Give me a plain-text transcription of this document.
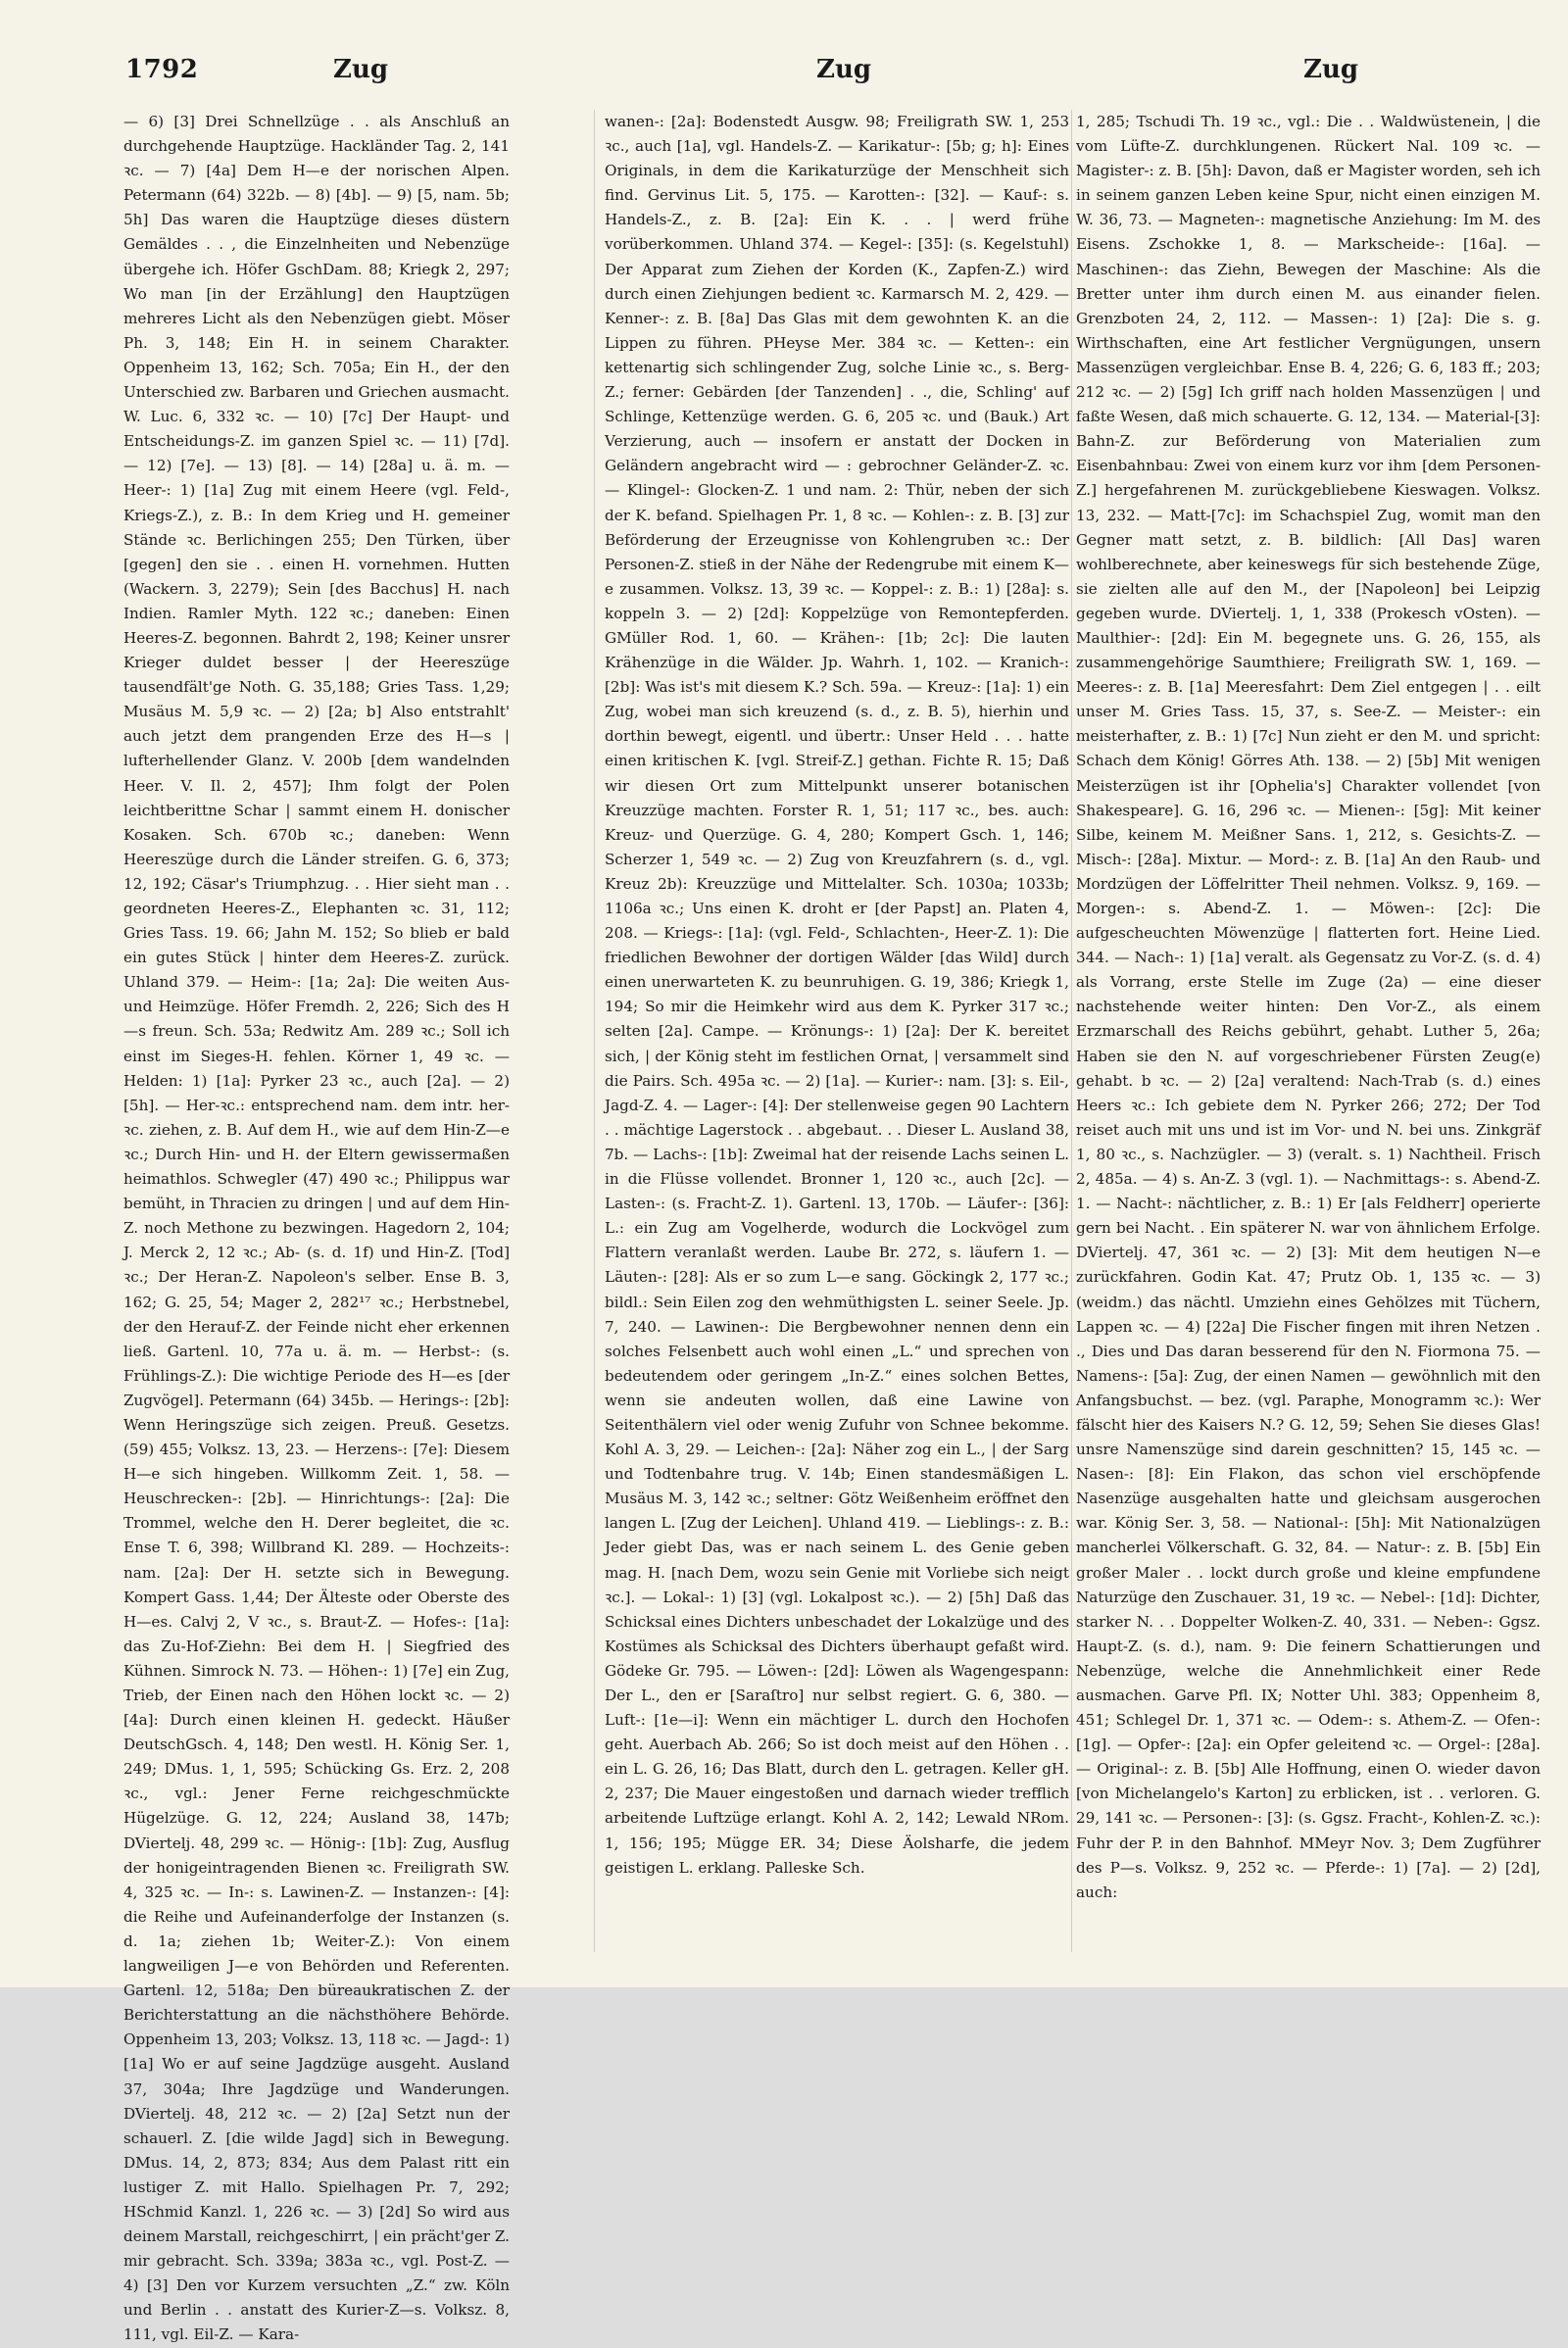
1792	Zug	Zug	Zug

— 6) [3] Drei Schnellzüge . . als Anschluß an durchgehende Hauptzüge. Hackländer Tag. 2, 141 ꝛc. — 7) [4a] Dem H—e der norischen Alpen. Petermann (64) 322b. — 8) [4b]. — 9) [5, nam. 5b; 5h] Das waren die Hauptzüge dieses düstern Gemäldes . . , die Einzelnheiten und Nebenzüge übergehe ich. Höfer GschDam. 88; Kriegk 2, 297; Wo man [in der Erzählung] den Hauptzügen mehreres Licht als den Nebenzügen giebt. Möser Ph. 3, 148; Ein H. in seinem Charakter. Oppenheim 13, 162; Sch. 705a; Ein H., der den Unterschied zw. Barbaren und Griechen ausmacht. W. Luc. 6, 332 ꝛc. — 10) [7c] Der Haupt- und Entscheidungs-Z. im ganzen Spiel ꝛc. — 11) [7d]. — 12) [7e]. — 13) [8]. — 14) [28a] u. ä. m. — Heer-: 1) [1a] Zug mit einem Heere (vgl. Feld-, Kriegs-Z.), z. B.: In dem Krieg und H. gemeiner Stände ꝛc. Berlichingen 255; Den Türken, über [gegen] den sie . . einen H. vornehmen. Hutten (Wackern. 3, 2279); Sein [des Bacchus] H. nach Indien. Ramler Myth. 122 ꝛc.; daneben: Einen Heeres-Z. begonnen. Bahrdt 2, 198; Keiner unsrer Krieger duldet besser | der Heereszüge tausendfält'ge Noth. G. 35,188; Gries Tass. 1,29; Musäus M. 5,9 ꝛc. — 2) [2a; b] Also entstrahlt' auch jetzt dem prangenden Erze des H—s | lufterhellender Glanz. V. 200b [dem wandelnden Heer. V. Il. 2, 457]; Ihm folgt der Polen leichtberittne Schar | sammt einem H. donischer Kosaken. Sch. 670b ꝛc.; daneben: Wenn Heereszüge durch die Länder streifen. G. 6, 373; 12, 192; Cäsar's Triumphzug. . . Hier sieht man . . geordneten Heeres-Z., Elephanten ꝛc. 31, 112; Gries Tass. 19. 66; Jahn M. 152; So blieb er bald ein gutes Stück | hinter dem Heeres-Z. zurück. Uhland 379. — Heim-: [1a; 2a]: Die weiten Aus- und Heimzüge. Höfer Fremdh. 2, 226; Sich des H—s freun. Sch. 53a; Redwitz Am. 289 ꝛc.; Soll ich einst im Sieges-H. fehlen. Körner 1, 49 ꝛc. — Helden: 1) [1a]: Pyrker 23 ꝛc., auch [2a]. — 2) [5h]. — Her-ꝛc.: entsprechend nam. dem intr. her- ꝛc. ziehen, z. B. Auf dem H., wie auf dem Hin-Z—e ꝛc.; Durch Hin- und H. der Eltern gewissermaßen heimathlos. Schwegler (47) 490 ꝛc.; Philippus war bemüht, in Thracien zu dringen | und auf dem Hin-Z. noch Methone zu bezwingen. Hagedorn 2, 104; J. Merck 2, 12 ꝛc.; Ab- (s. d. 1f) und Hin-Z. [Tod] ꝛc.; Der Heran-Z. Napoleon's selber. Ense B. 3, 162; G. 25, 54; Mager 2, 282¹⁷ ꝛc.; Herbstnebel, der den Herauf-Z. der Feinde nicht eher erkennen ließ. Gartenl. 10, 77a u. ä. m. — Herbst-: (s. Frühlings-Z.): Die wichtige Periode des H—es [der Zugvögel]. Petermann (64) 345b. — Herings-: [2b]: Wenn Heringszüge sich zeigen. Preuß. Gesetzs. (59) 455; Volksz. 13, 23. — Herzens-: [7e]: Diesem H—e sich hingeben. Willkomm Zeit. 1, 58. — Heuschrecken-: [2b]. — Hinrichtungs-: [2a]: Die Trommel, welche den H. Derer begleitet, die ꝛc. Ense T. 6, 398; Willbrand Kl. 289. — Hochzeits-: nam. [2a]: Der H. setzte sich in Bewegung. Kompert Gass. 1,44; Der Älteste oder Oberste des H—es. Calvj 2, V ꝛc., s. Braut-Z. — Hofes-: [1a]: das Zu-Hof-Ziehn: Bei dem H. | Siegfried des Kühnen. Simrock N. 73. — Höhen-: 1) [7e] ein Zug, Trieb, der Einen nach den Höhen lockt ꝛc. — 2) [4a]: Durch einen kleinen H. gedeckt. Häußer DeutschGsch. 4, 148; Den westl. H. König Ser. 1, 249; DMus. 1, 1, 595; Schücking Gs. Erz. 2, 208 ꝛc., vgl.: Jener Ferne reichgeschmückte Hügelzüge. G. 12, 224; Ausland 38, 147b; DViertelj. 48, 299 ꝛc. — Hönig-: [1b]: Zug, Ausflug der honigeintragenden Bienen ꝛc. Freiligrath SW. 4, 325 ꝛc. — In-: s. Lawinen-Z. — Instanzen-: [4]: die Reihe und Aufeinanderfolge der Instanzen (s. d. 1a; ziehen 1b; Weiter-Z.): Von einem langweiligen J—e von Behörden und Referenten. Gartenl. 12, 518a; Den büreaukratischen Z. der Berichterstattung an die nächsthöhere Behörde. Oppenheim 13, 203; Volksz. 13, 118 ꝛc. — Jagd-: 1) [1a] Wo er auf seine Jagdzüge ausgeht. Ausland 37, 304a; Ihre Jagdzüge und Wanderungen. DViertelj. 48, 212 ꝛc. — 2) [2a] Setzt nun der schauerl. Z. [die wilde Jagd] sich in Bewegung. DMus. 14, 2, 873; 834; Aus dem Palast ritt ein lustiger Z. mit Hallo. Spielhagen Pr. 7, 292; HSchmid Kanzl. 1, 226 ꝛc. — 3) [2d] So wird aus deinem Marstall, reichgeschirrt, | ein prächt'ger Z. mir gebracht. Sch. 339a; 383a ꝛc., vgl. Post-Z. — 4) [3] Den vor Kurzem versuchten „Z.“ zw. Köln und Berlin . . anstatt des Kurier-Z—s. Volksz. 8, 111, vgl. Eil-Z. — Kara-

wanen-: [2a]: Bodenstedt Ausgw. 98; Freiligrath SW. 1, 253 ꝛc., auch [1a], vgl. Handels-Z. — Karikatur-: [5b; g; h]: Eines Originals, in dem die Karikaturzüge der Menschheit sich find. Gervinus Lit. 5, 175. — Karotten-: [32]. — Kauf-: s. Handels-Z., z. B. [2a]: Ein K. . . | werd frühe vorüberkommen. Uhland 374. — Kegel-: [35]: (s. Kegelstuhl) Der Apparat zum Ziehen der Korden (K., Zapfen-Z.) wird durch einen Ziehjungen bedient ꝛc. Karmarsch M. 2, 429. — Kenner-: z. B. [8a] Das Glas mit dem gewohnten K. an die Lippen zu führen. PHeyse Mer. 384 ꝛc. — Ketten-: ein kettenartig sich schlingender Zug, solche Linie ꝛc., s. Berg-Z.; ferner: Gebärden [der Tanzenden] . ., die, Schling' auf Schlinge, Kettenzüge werden. G. 6, 205 ꝛc. und (Bauk.) Art Verzierung, auch — insofern er anstatt der Docken in Geländern angebracht wird — : gebrochner Geländer-Z. ꝛc. — Klingel-: Glocken-Z. 1 und nam. 2: Thür, neben der sich der K. befand. Spielhagen Pr. 1, 8 ꝛc. — Kohlen-: z. B. [3] zur Beförderung der Erzeugnisse von Kohlengruben ꝛc.: Der Personen-Z. stieß in der Nähe der Redengrube mit einem K—e zusammen. Volksz. 13, 39 ꝛc. — Koppel-: z. B.: 1) [28a]: s. koppeln 3. — 2) [2d]: Koppelzüge von Remontepferden. GMüller Rod. 1, 60. — Krähen-: [1b; 2c]: Die lauten Krähenzüge in die Wälder. Jp. Wahrh. 1, 102. — Kranich-: [2b]: Was ist's mit diesem K.? Sch. 59a. — Kreuz-: [1a]: 1) ein Zug, wobei man sich kreuzend (s. d., z. B. 5), hierhin und dorthin bewegt, eigentl. und übertr.: Unser Held . . . hatte einen kritischen K. [vgl. Streif-Z.] gethan. Fichte R. 15; Daß wir diesen Ort zum Mittelpunkt unserer botanischen Kreuzzüge machten. Forster R. 1, 51; 117 ꝛc., bes. auch: Kreuz- und Querzüge. G. 4, 280; Kompert Gsch. 1, 146; Scherzer 1, 549 ꝛc. — 2) Zug von Kreuzfahrern (s. d., vgl. Kreuz 2b): Kreuzzüge und Mittelalter. Sch. 1030a; 1033b; 1106a ꝛc.; Uns einen K. droht er [der Papst] an. Platen 4, 208. — Kriegs-: [1a]: (vgl. Feld-, Schlachten-, Heer-Z. 1): Die friedlichen Bewohner der dortigen Wälder [das Wild] durch einen unerwarteten K. zu beunruhigen. G. 19, 386; Kriegk 1, 194; So mir die Heimkehr wird aus dem K. Pyrker 317 ꝛc.; selten [2a]. Campe. — Krönungs-: 1) [2a]: Der K. bereitet sich, | der König steht im festlichen Ornat, | versammelt sind die Pairs. Sch. 495a ꝛc. — 2) [1a]. — Kurier-: nam. [3]: s. Eil-, Jagd-Z. 4. — Lager-: [4]: Der stellenweise gegen 90 Lachtern . . mächtige Lagerstock . . abgebaut. . . Dieser L. Ausland 38, 7b. — Lachs-: [1b]: Zweimal hat der reisende Lachs seinen L. in die Flüsse vollendet. Bronner 1, 120 ꝛc., auch [2c]. — Lasten-: (s. Fracht-Z. 1). Gartenl. 13, 170b. — Läufer-: [36]: L.: ein Zug am Vogelherde, wodurch die Lockvögel zum Flattern veranlaßt werden. Laube Br. 272, s. läufern 1. — Läuten-: [28]: Als er so zum L—e sang. Göckingk 2, 177 ꝛc.; bildl.: Sein Eilen zog den wehmüthigsten L. seiner Seele. Jp. 7, 240. — Lawinen-: Die Bergbewohner nennen denn ein solches Felsenbett auch wohl einen „L.“ und sprechen von bedeutendem oder geringem „In-Z.“ eines solchen Bettes, wenn sie andeuten wollen, daß eine Lawine von Seitenthälern viel oder wenig Zufuhr von Schnee bekomme. Kohl A. 3, 29. — Leichen-: [2a]: Näher zog ein L., | der Sarg und Todtenbahre trug. V. 14b; Einen standesmäßigen L. Musäus M. 3, 142 ꝛc.; seltner: Götz Weißenheim eröffnet den langen L. [Zug der Leichen]. Uhland 419. — Lieblings-: z. B.: Jeder giebt Das, was er nach seinem L. des Genie geben mag. H. [nach Dem, wozu sein Genie mit Vorliebe sich neigt ꝛc.]. — Lokal-: 1) [3] (vgl. Lokalpost ꝛc.). — 2) [5h] Daß das Schicksal eines Dichters unbeschadet der Lokalzüge und des Kostümes als Schicksal des Dichters überhaupt gefaßt wird. Gödeke Gr. 795. — Löwen-: [2d]: Löwen als Wagengespann: Der L., den er [Saraſtro] nur selbst regiert. G. 6, 380. — Luft-: [1e—i]: Wenn ein mächtiger L. durch den Hochofen geht. Auerbach Ab. 266; So ist doch meist auf den Höhen . . ein L. G. 26, 16; Das Blatt, durch den L. getragen. Keller gH. 2, 237; Die Mauer eingestoßen und darnach wieder trefflich arbeitende Luftzüge erlangt. Kohl A. 2, 142; Lewald NRom. 1, 156; 195; Mügge ER. 34; Diese Äolsharfe, die jedem geistigen L. erklang. Palleske Sch.

1, 285; Tschudi Th. 19 ꝛc., vgl.: Die . . Waldwüstenein, | die vom Lüfte-Z. durchklungenen. Rückert Nal. 109 ꝛc. — Magister-: z. B. [5h]: Davon, daß er Magister worden, seh ich in seinem ganzen Leben keine Spur, nicht einen einzigen M. W. 36, 73. — Magneten-: magnetische Anziehung: Im M. des Eisens. Zschokke 1, 8. — Markscheide-: [16a]. — Maschinen-: das Ziehn, Bewegen der Maschine: Als die Bretter unter ihm durch einen M. aus einander fielen. Grenzboten 24, 2, 112. — Massen-: 1) [2a]: Die s. g. Wirthschaften, eine Art festlicher Vergnügungen, unsern Massenzügen vergleichbar. Ense B. 4, 226; G. 6, 183 ff.; 203; 212 ꝛc. — 2) [5g] Ich griff nach holden Massenzügen | und faßte Wesen, daß mich schauerte. G. 12, 134. — Material-[3]: Bahn-Z. zur Beförderung von Materialien zum Eisenbahnbau: Zwei von einem kurz vor ihm [dem Personen-Z.] hergefahrenen M. zurückgebliebene Kieswagen. Volksz. 13, 232. — Matt-[7c]: im Schachspiel Zug, womit man den Gegner matt setzt, z. B. bildlich: [All Das] waren wohlberechnete, aber keineswegs für sich bestehende Züge, sie zielten alle auf den M., der [Napoleon] bei Leipzig gegeben wurde. DViertelj. 1, 1, 338 (Prokesch vOsten). — Maulthier-: [2d]: Ein M. begegnete uns. G. 26, 155, als zusammengehörige Saumthiere; Freiligrath SW. 1, 169. — Meeres-: z. B. [1a] Meeresfahrt: Dem Ziel entgegen | . . eilt unser M. Gries Tass. 15, 37, s. See-Z. — Meister-: ein meisterhafter, z. B.: 1) [7c] Nun zieht er den M. und spricht: Schach dem König! Görres Ath. 138. — 2) [5b] Mit wenigen Meisterzügen ist ihr [Ophelia's] Charakter vollendet [von Shakespeare]. G. 16, 296 ꝛc. — Mienen-: [5g]: Mit keiner Silbe, keinem M. Meißner Sans. 1, 212, s. Gesichts-Z. — Misch-: [28a]. Mixtur. — Mord-: z. B. [1a] An den Raub- und Mordzügen der Löffelritter Theil nehmen. Volksz. 9, 169. — Morgen-: s. Abend-Z. 1. — Möwen-: [2c]: Die aufgescheuchten Möwenzüge | flatterten fort. Heine Lied. 344. — Nach-: 1) [1a] veralt. als Gegensatz zu Vor-Z. (s. d. 4) als Vorrang, erste Stelle im Zuge (2a) — eine dieser nachstehende weiter hinten: Den Vor-Z., als einem Erzmarschall des Reichs gebührt, gehabt. Luther 5, 26a; Haben sie den N. auf vorgeschriebener Fürsten Zeug(e) gehabt. b ꝛc. — 2) [2a] veraltend: Nach-Trab (s. d.) eines Heers ꝛc.: Ich gebiete dem N. Pyrker 266; 272; Der Tod reiset auch mit uns und ist im Vor- und N. bei uns. Zinkgräf 1, 80 ꝛc., s. Nachzügler. — 3) (veralt. s. 1) Nachtheil. Frisch 2, 485a. — 4) s. An-Z. 3 (vgl. 1). — Nachmittags-: s. Abend-Z. 1. — Nacht-: nächtlicher, z. B.: 1) Er [als Feldherr] operierte gern bei Nacht. . Ein späterer N. war von ähnlichem Erfolge. DViertelj. 47, 361 ꝛc. — 2) [3]: Mit dem heutigen N—e zurückfahren. Godin Kat. 47; Prutz Ob. 1, 135 ꝛc. — 3) (weidm.) das nächtl. Umziehn eines Gehölzes mit Tüchern, Lappen ꝛc. — 4) [22a] Die Fischer fingen mit ihren Netzen . ., Dies und Das daran besserend für den N. Fiormona 75. — Namens-: [5a]: Zug, der einen Namen — gewöhnlich mit den Anfangsbuchst. — bez. (vgl. Paraphe, Monogramm ꝛc.): Wer fälscht hier des Kaisers N.? G. 12, 59; Sehen Sie dieses Glas! unsre Namenszüge sind darein geschnitten? 15, 145 ꝛc. — Nasen-: [8]: Ein Flakon, das schon viel erschöpfende Nasenzüge ausgehalten hatte und gleichsam ausgerochen war. König Ser. 3, 58. — National-: [5h]: Mit Nationalzügen mancherlei Völkerschaft. G. 32, 84. — Natur-: z. B. [5b] Ein großer Maler . . lockt durch große und kleine empfundene Naturzüge den Zuschauer. 31, 19 ꝛc. — Nebel-: [1d]: Dichter, starker N. . . Doppelter Wolken-Z. 40, 331. — Neben-: Ggsz. Haupt-Z. (s. d.), nam. 9: Die feinern Schattierungen und Nebenzüge, welche die Annehmlichkeit einer Rede ausmachen. Garve Pfl. IX; Notter Uhl. 383; Oppenheim 8, 451; Schlegel Dr. 1, 371 ꝛc. — Odem-: s. Athem-Z. — Ofen-: [1g]. — Opfer-: [2a]: ein Opfer geleitend ꝛc. — Orgel-: [28a]. — Original-: z. B. [5b] Alle Hoffnung, einen O. wieder davon [von Michelangelo's Karton] zu erblicken, ist . . verloren. G. 29, 141 ꝛc. — Personen-: [3]: (s. Ggsz. Fracht-, Kohlen-Z. ꝛc.): Fuhr der P. in den Bahnhof. MMeyr Nov. 3; Dem Zugführer des P—s. Volksz. 9, 252 ꝛc. — Pferde-: 1) [7a]. — 2) [2d], auch:
